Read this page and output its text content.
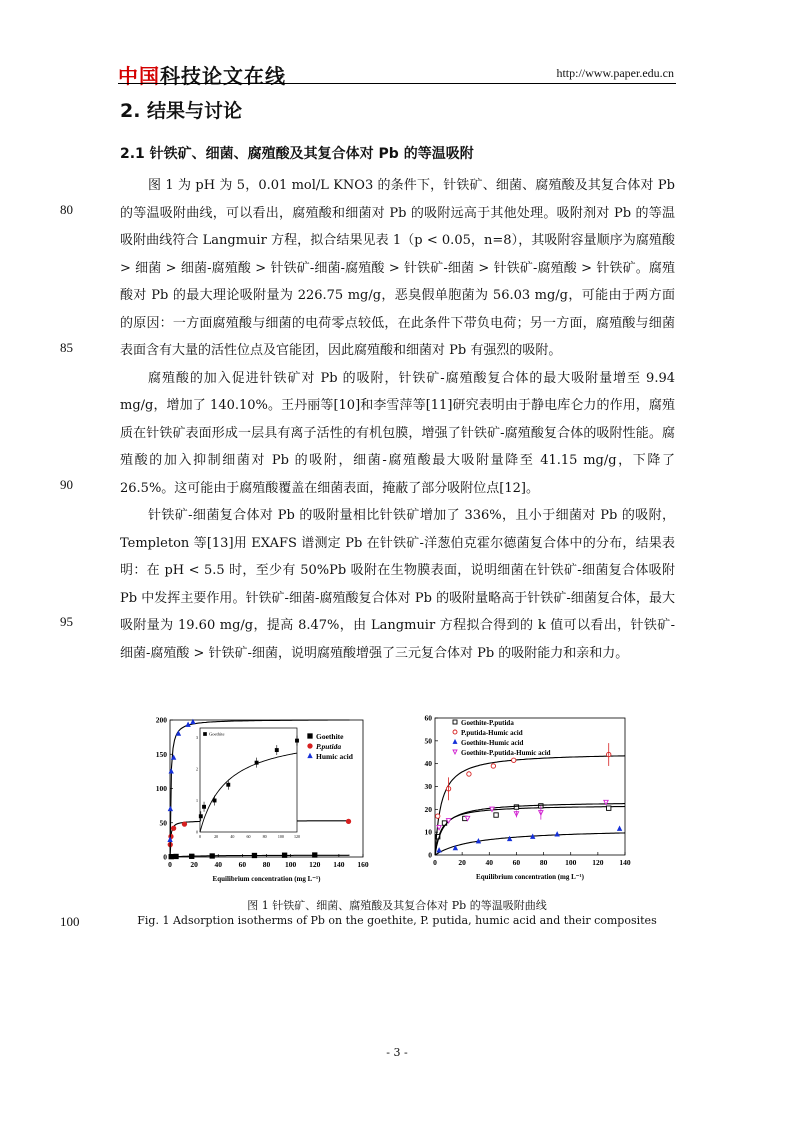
中国科技论文在线	http://www.paper.edu.cn
2. 结果与讨论
2.1 针铁矿、细菌、腐殖酸及其复合体对 Pb 的等温吸附

图 1 为 pH 为 5，0.01 mol/L KNO3 的条件下，针铁矿、细菌、腐殖酸及其复合体对 Pb 的等温吸附曲线，可以看出，腐殖酸和细菌对 Pb 的吸附远高于其他处理。吸附剂对 Pb 的等温吸附曲线符合 Langmuir 方程，拟合结果见表 1（p < 0.05，n=8），其吸附容量顺序为腐殖酸 > 细菌 > 细菌-腐殖酸 > 针铁矿-细菌-腐殖酸 > 针铁矿-细菌 > 针铁矿-腐殖酸 > 针铁矿。腐殖酸对 Pb 的最大理论吸附量为 226.75 mg/g，恶臭假单胞菌为 56.03 mg/g，可能由于两方面的原因：一方面腐殖酸与细菌的电荷零点较低，在此条件下带负电荷；另一方面，腐殖酸与细菌表面含有大量的活性位点及官能团，因此腐殖酸和细菌对 Pb 有强烈的吸附。

腐殖酸的加入促进针铁矿对 Pb 的吸附，针铁矿-腐殖酸复合体的最大吸附量增至 9.94 mg/g，增加了 140.10%。王丹丽等[10]和李雪萍等[11]研究表明由于静电库仑力的作用，腐殖质在针铁矿表面形成一层具有离子活性的有机包膜，增强了针铁矿-腐殖酸复合体的吸附性能。腐殖酸的加入抑制细菌对 Pb 的吸附，细菌-腐殖酸最大吸附量降至 41.15 mg/g，下降了 26.5%。这可能由于腐殖酸覆盖在细菌表面，掩蔽了部分吸附位点[12]。

针铁矿-细菌复合体对 Pb 的吸附量相比针铁矿增加了 336%，且小于细菌对 Pb 的吸附，Templeton 等[13]用 EXAFS 谱测定 Pb 在针铁矿-洋葱伯克霍尔德菌复合体中的分布，结果表明：在 pH < 5.5 时，至少有 50%Pb 吸附在生物膜表面，说明细菌在针铁矿-细菌复合体吸附 Pb 中发挥主要作用。针铁矿-细菌-腐殖酸复合体对 Pb 的吸附量略高于针铁矿-细菌复合体，最大吸附量为 19.60 mg/g，提高 8.47%，由 Langmuir 方程拟合得到的 k 值可以看出，针铁矿-细菌-腐殖酸 > 针铁矿-细菌，说明腐殖酸增强了三元复合体对 Pb 的吸附能力和亲和力。

80
85
90
95
100
0 20 40 60 80 100 120 140 160
0
50
100
150
200
Equilibrium concentration (mg L⁻¹)
Goethite
P.putida
Humic acid
0	20	40	60	80	100	120
0
1
2
3
Goethite
0	20	40	60	80 100 120 140
0
10
20
30
40
50
60
Equilibrium concentration (mg L⁻¹)
Goethite-P.putida
P.putida-Humic acid
Goethite-Humic acid
Goethite-P.putida-Humic acid
图 1 针铁矿、细菌、腐殖酸及其复合体对 Pb 的等温吸附曲线
Fig. 1 Adsorption isotherms of Pb on the goethite, P. putida, humic acid and their composites
- 3 -
